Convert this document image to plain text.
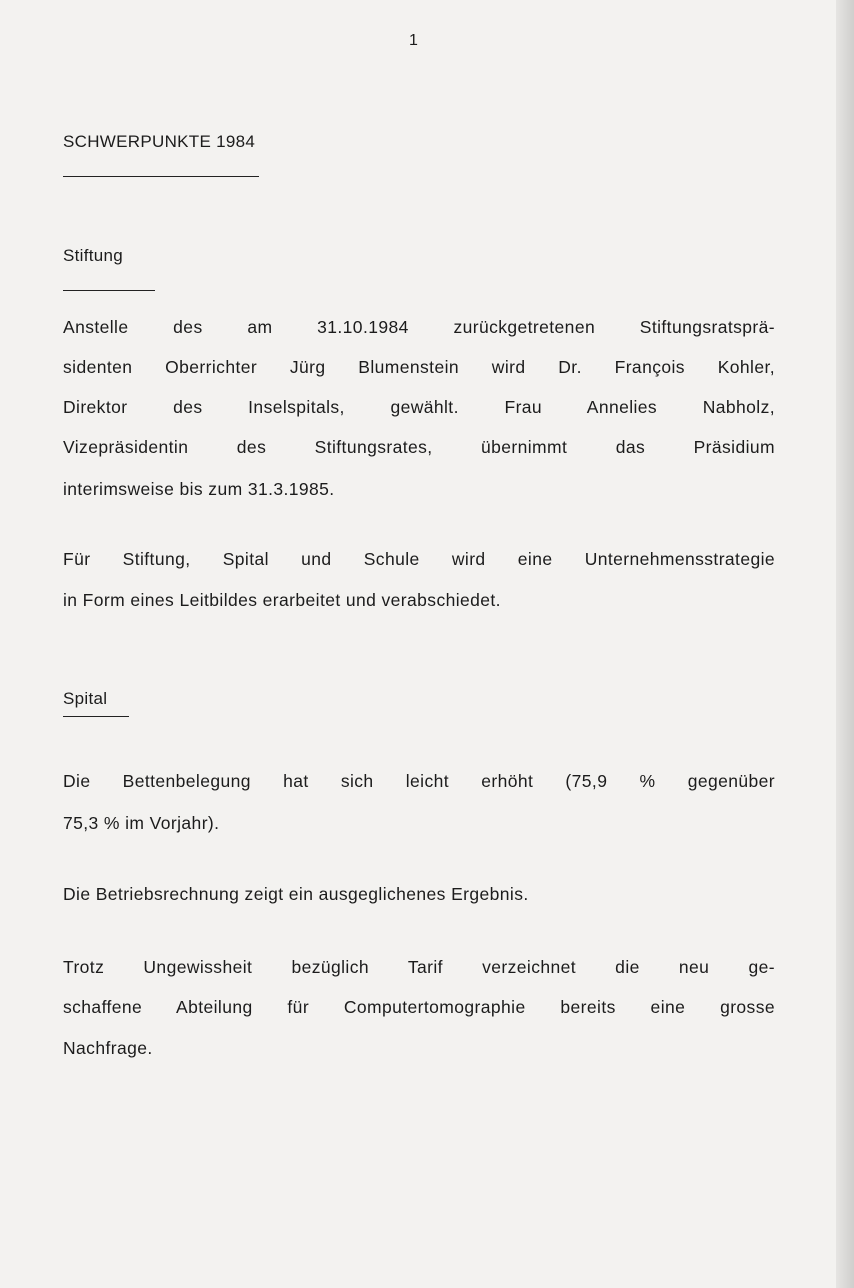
1
SCHWERPUNKTE 1984
Stiftung
Anstelle des am 31.10.1984 zurückgetretenen Stiftungsratsprä-
sidenten Oberrichter Jürg Blumenstein wird Dr. François Kohler,
Direktor des Inselspitals, gewählt. Frau Annelies Nabholz,
Vizepräsidentin des Stiftungsrates, übernimmt das Präsidium
interimsweise bis zum 31.3.1985.
Für Stiftung, Spital und Schule wird eine Unternehmensstrategie
in Form eines Leitbildes erarbeitet und verabschiedet.
Spital
Die Bettenbelegung hat sich leicht erhöht (75,9 % gegenüber
75,3 % im Vorjahr).
Die Betriebsrechnung zeigt ein ausgeglichenes Ergebnis.
Trotz Ungewissheit bezüglich Tarif verzeichnet die neu ge-
schaffene Abteilung für Computertomographie bereits eine grosse
Nachfrage.
